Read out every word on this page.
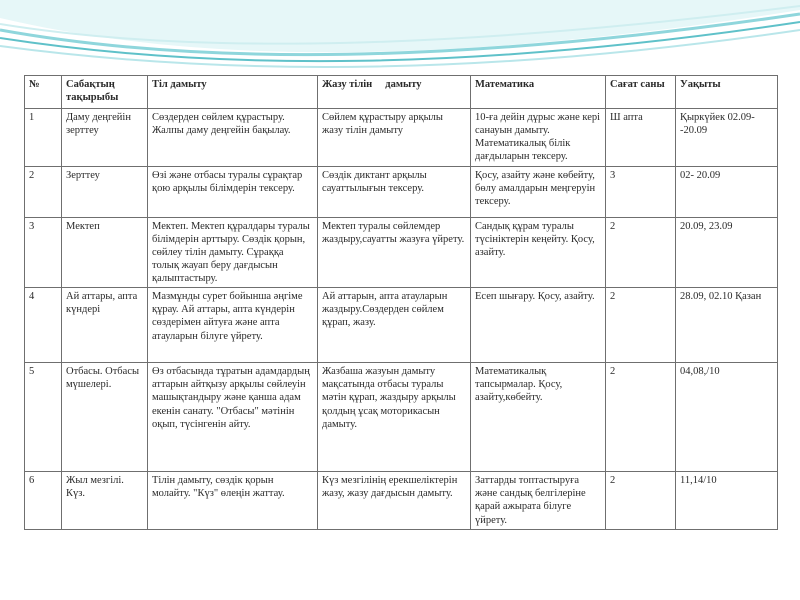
№	Сабақтың тақырыбы	Тіл дамыту	Жазу тілін     дамыту	Математика	Сағат саны	Уақыты
1	Даму деңгейін зерттеу	Сөздерден сөйлем құрастыру. Жалпы даму деңгейін бақылау.	Сөйлем құрастыру арқылы жазу тілін дамыту	10-ға дейін дұрыс және кері санауын дамыту. Математикалық білік дағдыларын тексеру.	Ш апта	Қыркүйек 02.09- -20.09
2	Зерттеу	Өзі және отбасы туралы сұрақтар қою арқылы білімдерін тексеру.	Сөздік диктант арқылы сауаттылығын тексеру.	Қосу, азайту және көбейту, бөлу амалдарын меңгеруін тексеру.	3	02- 20.09
3	Мектеп	Мектеп. Мектеп құралдары туралы білімдерін арттыру. Сөздік қорын, сөйлеу тілін дамыту. Сұраққа толық жауап беру дағдысын қалыптастыру.	Мектеп туралы сөйлемдер жаздыру,сауатты жазуға үйрету.	Сандық құрам туралы түсініктерін кеңейту. Қосу, азайту.	2	20.09, 23.09
4	Ай аттары, апта күндері	Мазмұнды сурет бойынша әңгіме құрау. Ай аттары, апта күндерін сөздерімен айтуға және апта атауларын білуге үйрету.	Ай аттарын, апта атауларын жаздыру.Сөздерден сөйлем құрап, жазу.	Есеп шығару. Қосу, азайту.	2	28.09, 02.10 Қазан
5	Отбасы. Отбасы мүшелері.	Өз отбасында тұратын адамдардың аттарын айтқызу арқылы сөйлеуін машықтандыру және қанша адам екенін санату. "Отбасы" мәтінін оқып, түсінгенін айту.	Жазбаша жазуын дамыту мақсатында отбасы туралы мәтін құрап, жаздыру арқылы қолдың ұсақ моторикасын дамыту.	Математикалық тапсырмалар. Қосу, азайту,көбейту.	2	04,08,/10
6	Жыл мезгілі. Күз.	Тілін дамыту, сөздік қорын молайту. "Күз" өлеңін жаттау.	Күз мезгілінің ерекшеліктерін жазу, жазу дағдысын дамыту.	Заттарды топтастыруға және сандық белгілеріне қарай ажырата білуге үйрету.	2	11,14/10
